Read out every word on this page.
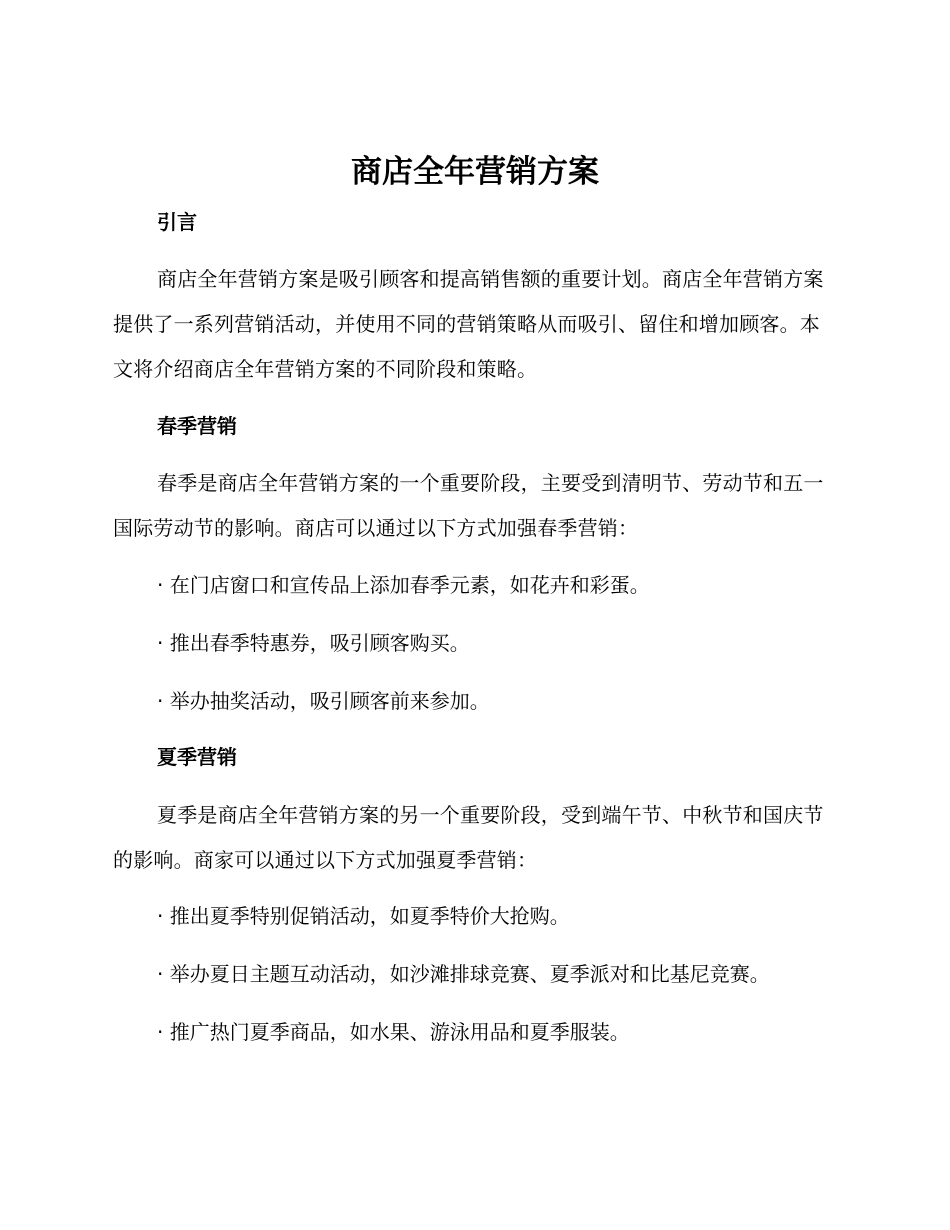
商店全年营销方案
引言

商店全年营销方案是吸引顾客和提高销售额的重要计划。商店全年营销方案提供了一系列营销活动，并使用不同的营销策略从而吸引、留住和增加顾客。本文将介绍商店全年营销方案的不同阶段和策略。

春季营销

春季是商店全年营销方案的一个重要阶段，主要受到清明节、劳动节和五一国际劳动节的影响。商店可以通过以下方式加强春季营销：

· 在门店窗口和宣传品上添加春季元素，如花卉和彩蛋。

· 推出春季特惠券，吸引顾客购买。

· 举办抽奖活动，吸引顾客前来参加。

夏季营销

夏季是商店全年营销方案的另一个重要阶段，受到端午节、中秋节和国庆节的影响。商家可以通过以下方式加强夏季营销：

· 推出夏季特别促销活动，如夏季特价大抢购。

· 举办夏日主题互动活动，如沙滩排球竞赛、夏季派对和比基尼竞赛。

· 推广热门夏季商品，如水果、游泳用品和夏季服装。
